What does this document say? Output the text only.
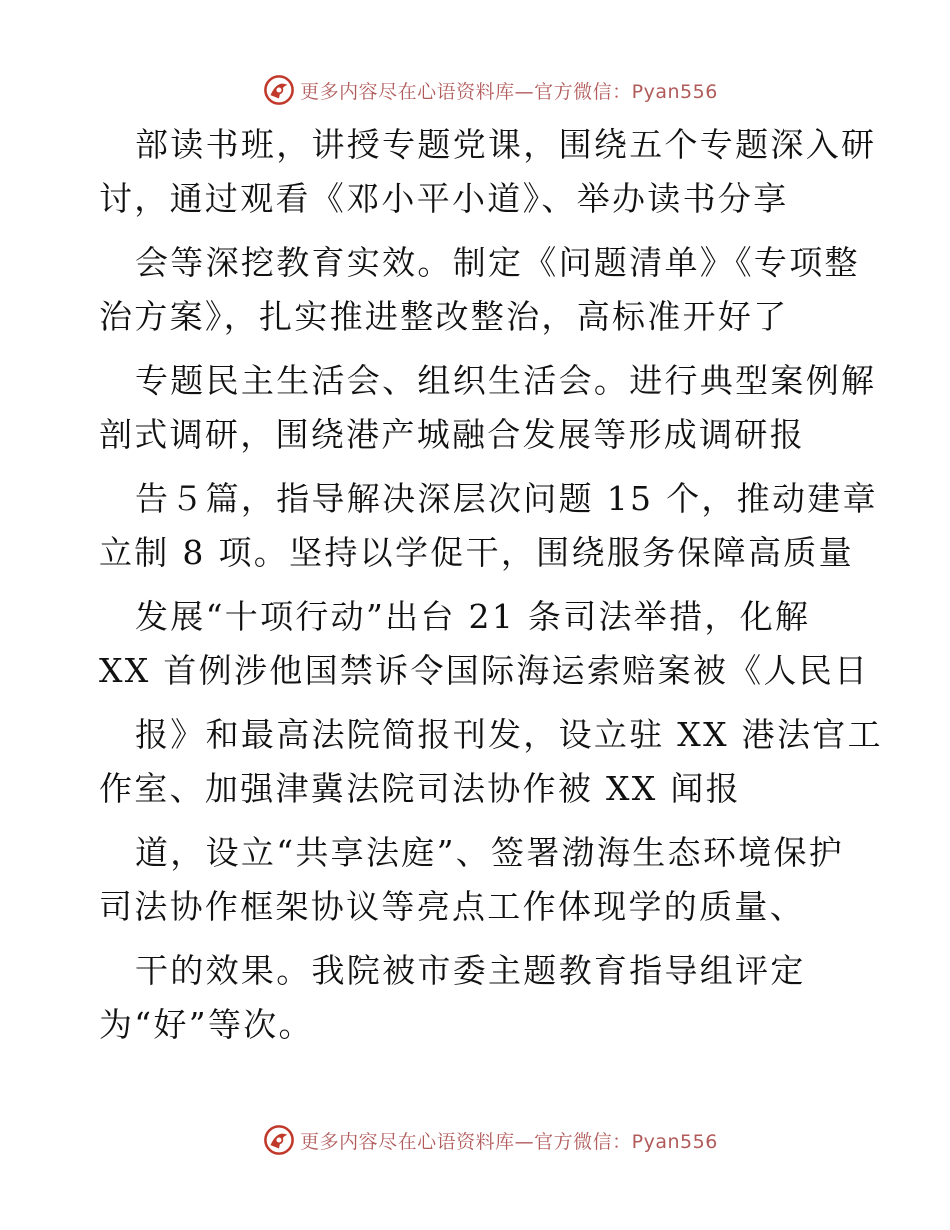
更多内容尽在心语资料库—官方微信：Pyan556
部读书班，讲授专题党课，围绕五个专题深入研
讨，通过观看《邓小平小道》、举办读书分享
会等深挖教育实效。制定《问题清单》《专项整
治方案》，扎实推进整改整治，高标准开好了
专题民主生活会、组织生活会。进行典型案例解
剖式调研，围绕港产城融合发展等形成调研报
告５篇，指导解决深层次问题 15 个，推动建章
立制 8 项。坚持以学促干，围绕服务保障高质量
发展“十项行动”出台 21 条司法举措，化解
XX 首例涉他国禁诉令国际海运索赔案被《人民日
报》和最高法院简报刊发，设立驻 XX 港法官工
作室、加强津冀法院司法协作被 XX 闻报
道，设立“共享法庭”、签署渤海生态环境保护
司法协作框架协议等亮点工作体现学的质量、
干的效果。我院被市委主题教育指导组评定
为“好”等次。
更多内容尽在心语资料库—官方微信：Pyan556
